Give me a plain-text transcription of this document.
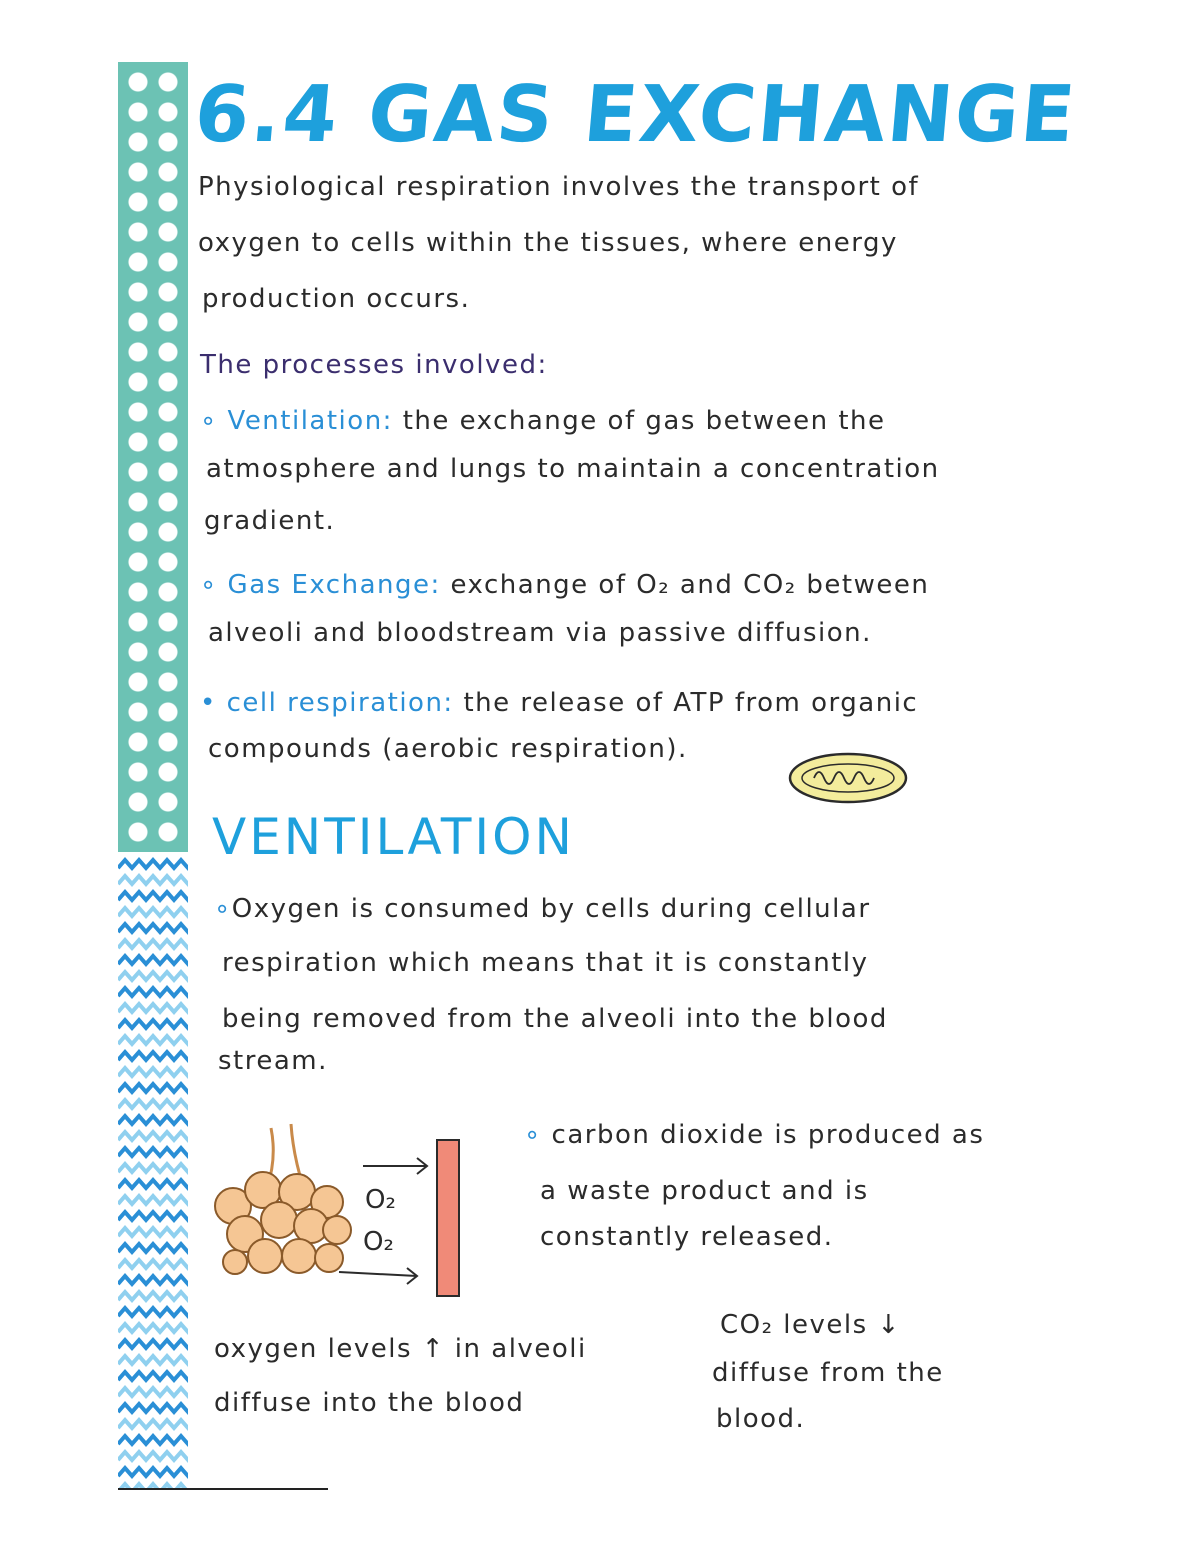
6.4 GAS EXCHANGE
Physiological respiration involves the transport of
oxygen to cells within the tissues, where energy
production occurs.
The processes involved:
∘ Ventilation: the exchange of gas between the
atmosphere and lungs to maintain a concentration
gradient.
∘ Gas Exchange: exchange of O₂ and CO₂ between
alveoli and bloodstream via passive diffusion.
• cell respiration: the release of ATP from organic
compounds (aerobic respiration).
VENTILATION
∘Oxygen is consumed by cells during cellular
respiration which means that it is constantly
being removed from the alveoli into the blood
stream.
O₂
O₂
∘ carbon dioxide is produced as
a waste product and is
constantly released.
oxygen levels ↑ in alveoli
diffuse into the blood
CO₂ levels ↓
diffuse from the
blood.
